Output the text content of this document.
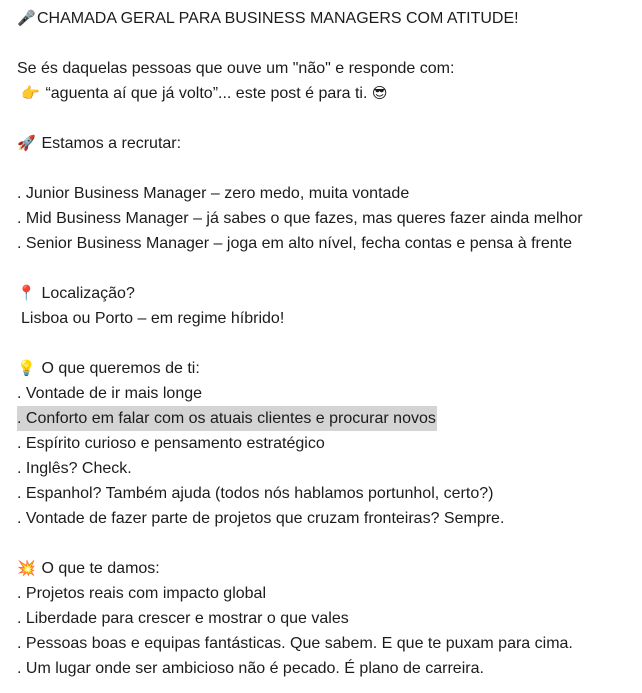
🎤CHAMADA GERAL PARA BUSINESS MANAGERS COM ATITUDE!
Se és daquelas pessoas que ouve um "não" e responde com:
👉 “aguenta aí que já volto”... este post é para ti. 😎
🚀 Estamos a recrutar:
. Junior Business Manager – zero medo, muita vontade
. Mid Business Manager – já sabes o que fazes, mas queres fazer ainda melhor
. Senior Business Manager – joga em alto nível, fecha contas e pensa à frente
📍 Localização?
Lisboa ou Porto – em regime híbrido!
💡 O que queremos de ti:
. Vontade de ir mais longe
. Conforto em falar com os atuais clientes e procurar novos
. Espírito curioso e pensamento estratégico
. Inglês? Check.
. Espanhol? Também ajuda (todos nós hablamos portunhol, certo?)
. Vontade de fazer parte de projetos que cruzam fronteiras? Sempre.
💥 O que te damos:
. Projetos reais com impacto global
. Liberdade para crescer e mostrar o que vales
. Pessoas boas e equipas fantásticas. Que sabem. E que te puxam para cima.
. Um lugar onde ser ambicioso não é pecado. É plano de carreira.
